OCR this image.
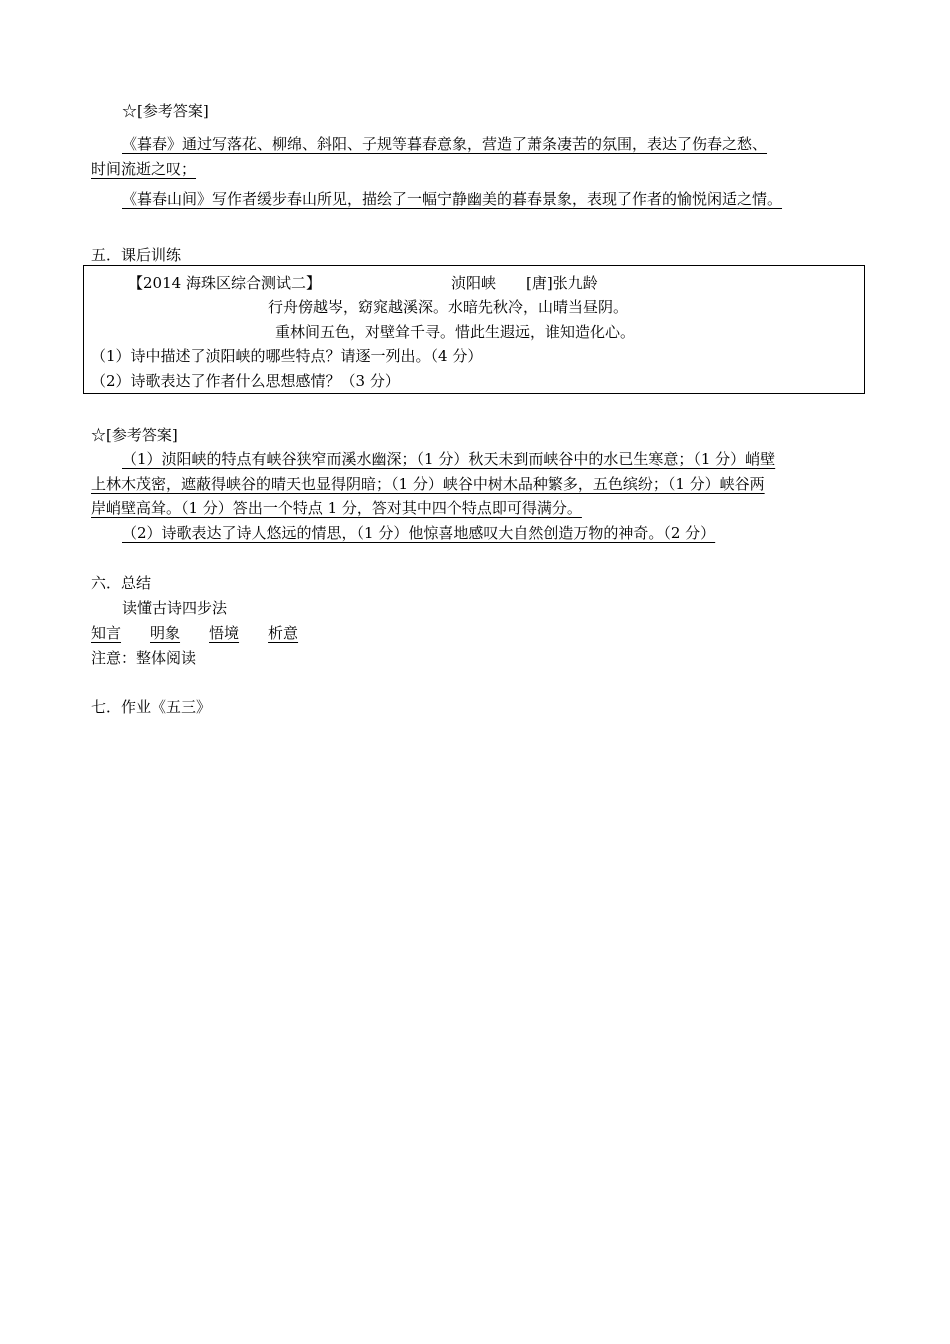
☆[参考答案]
《暮春》通过写落花、柳绵、斜阳、子规等暮春意象，营造了萧条凄苦的氛围，表达了伤春之愁、
时间流逝之叹；
《暮春山间》写作者缓步春山所见，描绘了一幅宁静幽美的暮春景象，表现了作者的愉悦闲适之情。
五．课后训练
【2014 海珠区综合测试二】	浈阳峡 [唐]张九龄
行舟傍越岑，窈窕越溪深。水暗先秋冷，山晴当昼阴。
重林间五色，对壁耸千寻。惜此生遐远，谁知造化心。
（1）诗中描述了浈阳峡的哪些特点？请逐一列出。（4 分）
（2）诗歌表达了作者什么思想感情？（3 分）
☆[参考答案]
（1）浈阳峡的特点有峡谷狭窄而溪水幽深；（1 分）秋天未到而峡谷中的水已生寒意；（1 分）峭壁
上林木茂密，遮蔽得峡谷的晴天也显得阴暗；（1 分）峡谷中树木品种繁多，五色缤纷；（1 分）峡谷两
岸峭壁高耸。（1 分）答出一个特点 1 分，答对其中四个特点即可得满分。
（2）诗歌表达了诗人悠远的情思，（1 分）他惊喜地感叹大自然创造万物的神奇。（2 分）
六．总结
读懂古诗四步法
知言 明象 悟境 析意
注意：整体阅读
七．作业《五三》
